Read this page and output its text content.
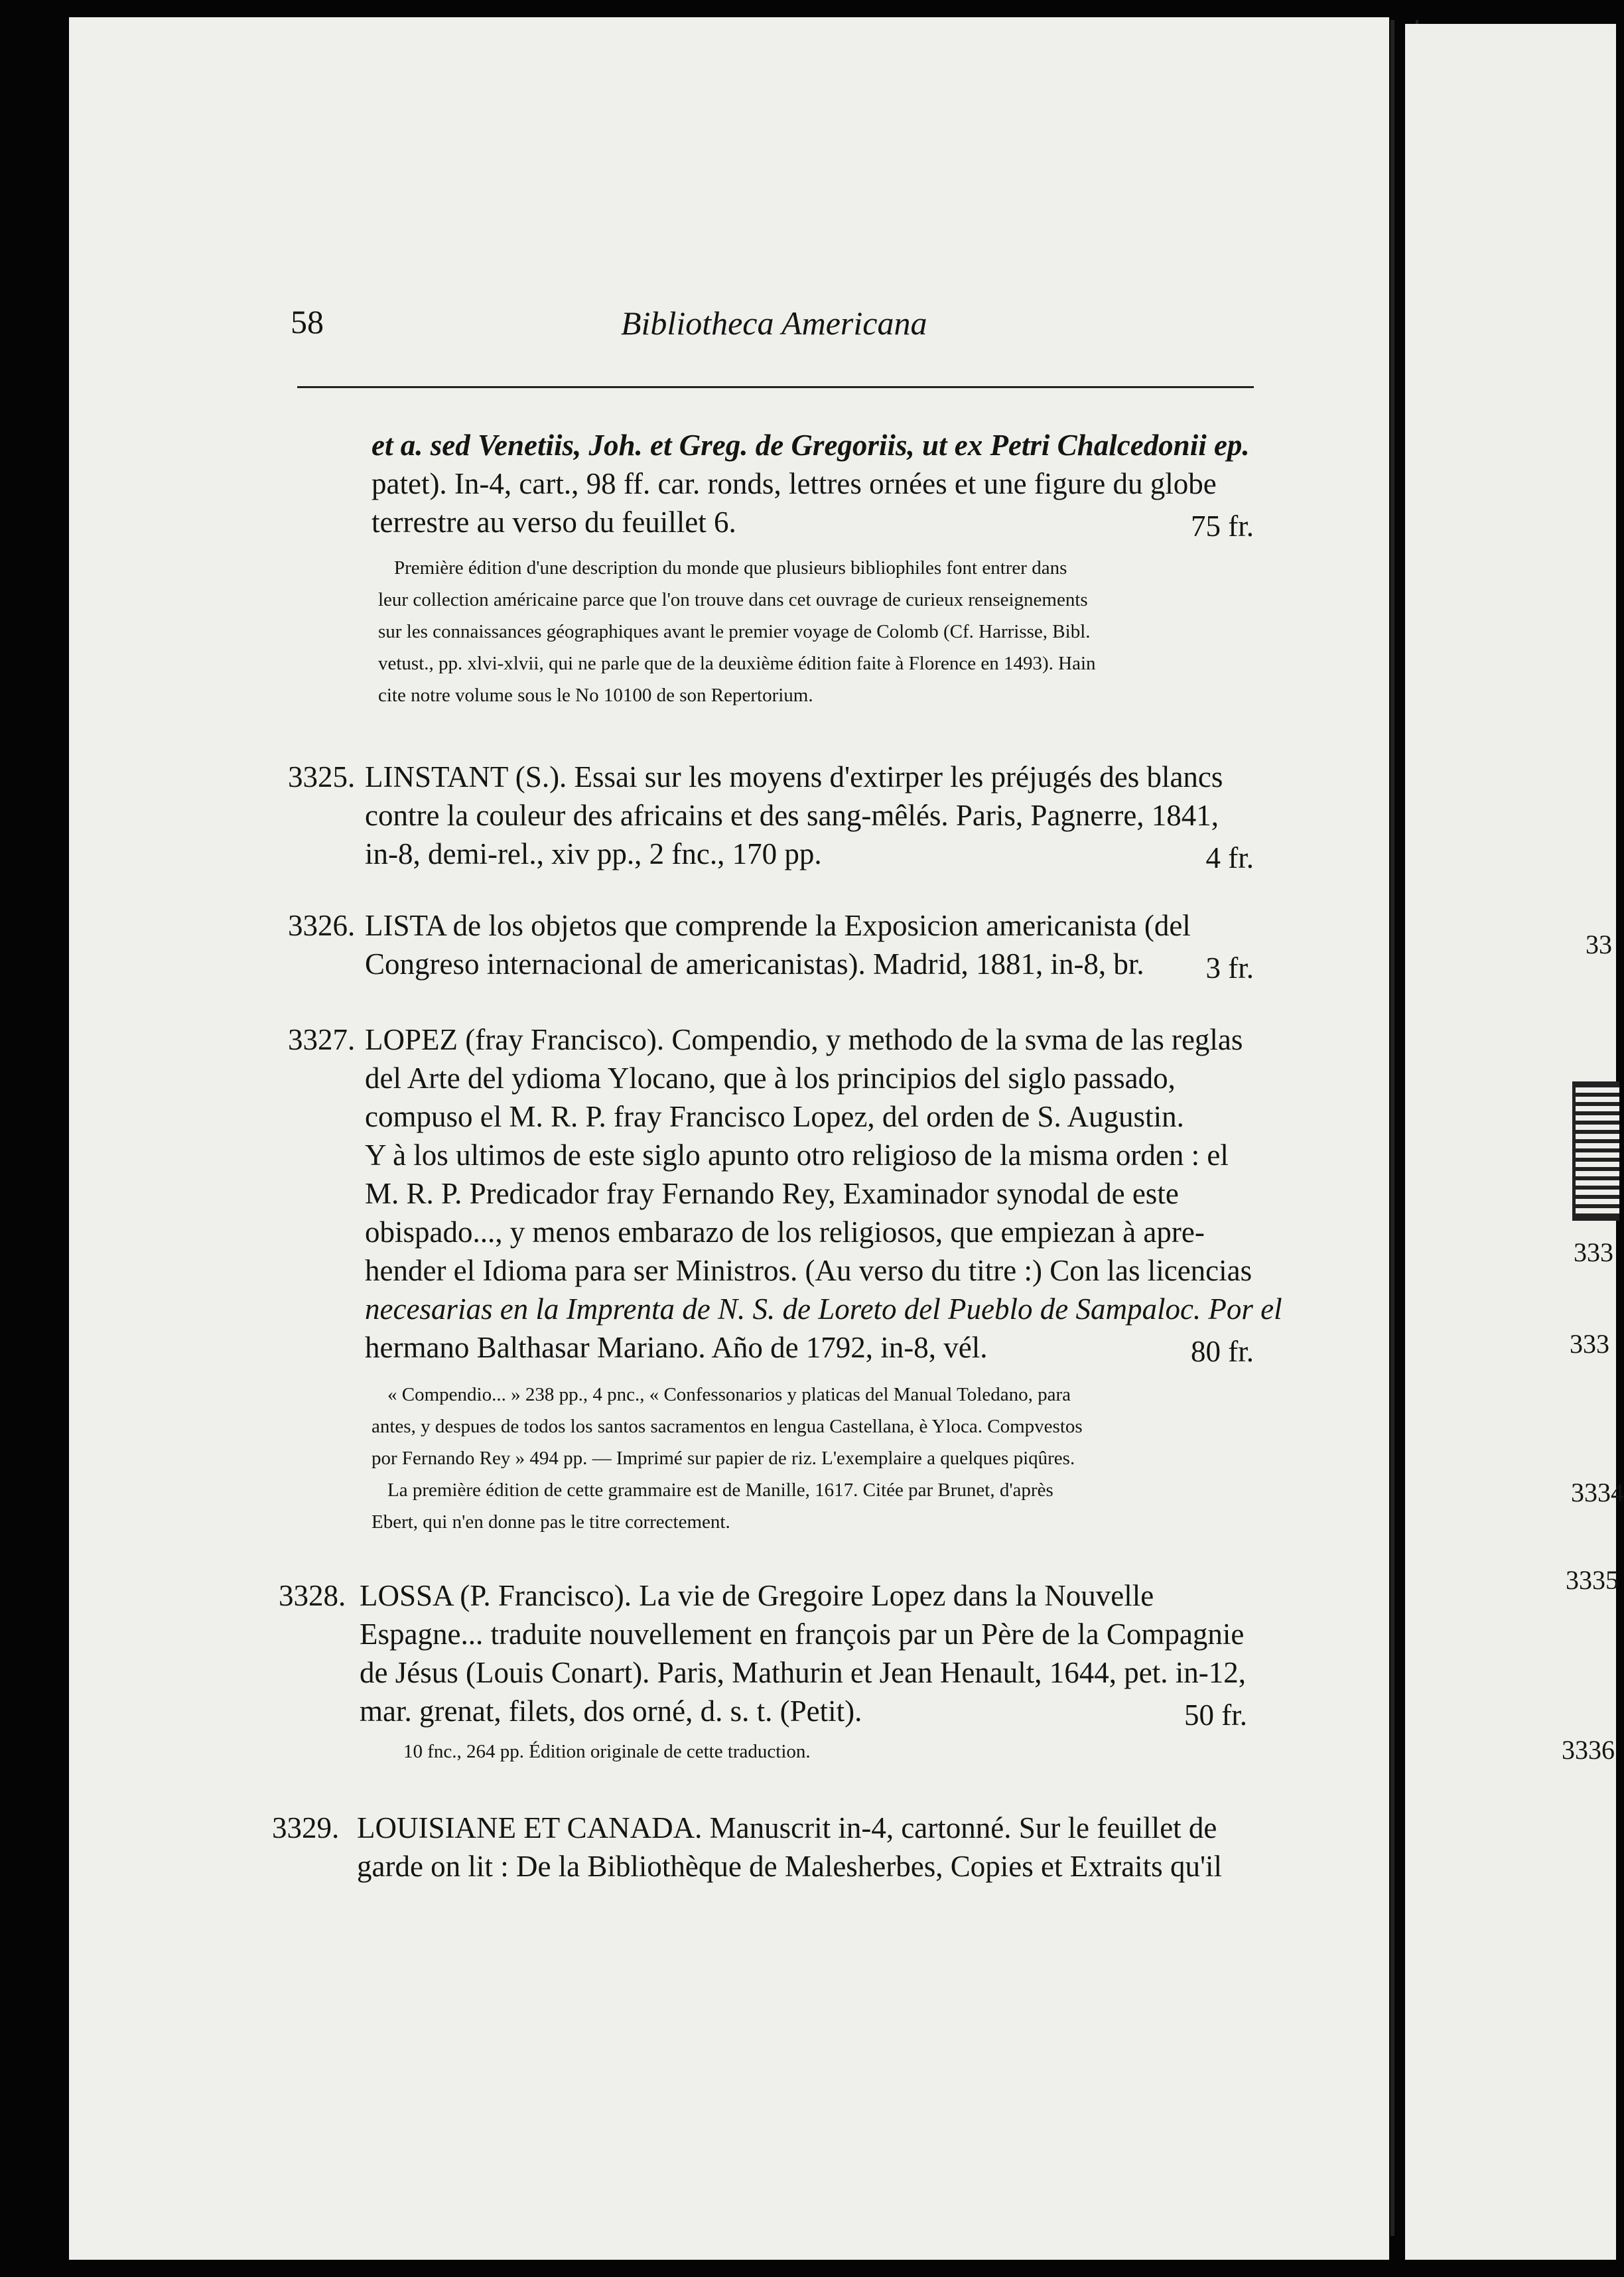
58	Bibliotheca Americana
et a. sed Venetiis, Joh. et Greg. de Gregoriis, ut ex Petri Chalcedonii ep.
patet). In-4, cart., 98 ff. car. ronds, lettres ornées et une figure du globe
terrestre au verso du feuillet 6.	75 fr.
Première édition d'une description du monde que plusieurs bibliophiles font entrer dans
leur collection américaine parce que l'on trouve dans cet ouvrage de curieux renseignements
sur les connaissances géographiques avant le premier voyage de Colomb (Cf. Harrisse, Bibl.
vetust., pp. xlvi-xlvii, qui ne parle que de la deuxième édition faite à Florence en 1493). Hain
cite notre volume sous le No 10100 de son Repertorium.
3325. LINSTANT (S.). Essai sur les moyens d'extirper les préjugés des blancs
contre la couleur des africains et des sang-mêlés. Paris, Pagnerre, 1841,
in-8, demi-rel., xiv pp., 2 fnc., 170 pp.	4 fr.
3326. LISTA de los objetos que comprende la Exposicion americanista (del
Congreso internacional de americanistas). Madrid, 1881, in-8, br. 3 fr.
3327. LOPEZ (fray Francisco). Compendio, y methodo de la svma de las reglas
del Arte del ydioma Ylocano, que à los principios del siglo passado,
compuso el M. R. P. fray Francisco Lopez, del orden de S. Augustin.
Y à los ultimos de este siglo apunto otro religioso de la misma orden : el
M. R. P. Predicador fray Fernando Rey, Examinador synodal de este
obispado..., y menos embarazo de los religiosos, que empiezan à apre-
hender el Idioma para ser Ministros. (Au verso du titre :) Con las licencias
necesarias en la Imprenta de N. S. de Loreto del Pueblo de Sampaloc. Por el
hermano Balthasar Mariano. Año de 1792, in-8, vél.	80 fr.
« Compendio... » 238 pp., 4 pnc., « Confessonarios y platicas del Manual Toledano, para
antes, y despues de todos los santos sacramentos en lengua Castellana, è Yloca. Compvestos
por Fernando Rey » 494 pp. — Imprimé sur papier de riz. L'exemplaire a quelques piqûres.
La première édition de cette grammaire est de Manille, 1617. Citée par Brunet, d'après
Ebert, qui n'en donne pas le titre correctement.
3328. LOSSA (P. Francisco). La vie de Gregoire Lopez dans la Nouvelle
Espagne... traduite nouvellement en françois par un Père de la Compagnie
de Jésus (Louis Conart). Paris, Mathurin et Jean Henault, 1644, pet. in-12,
mar. grenat, filets, dos orné, d. s. t. (Petit).	50 fr.
10 fnc., 264 pp. Édition originale de cette traduction.
3329. LOUISIANE ET CANADA. Manuscrit in-4, cartonné. Sur le feuillet de
garde on lit : De la Bibliothèque de Malesherbes, Copies et Extraits qu'il
33
333
333
3334
3335
3336
